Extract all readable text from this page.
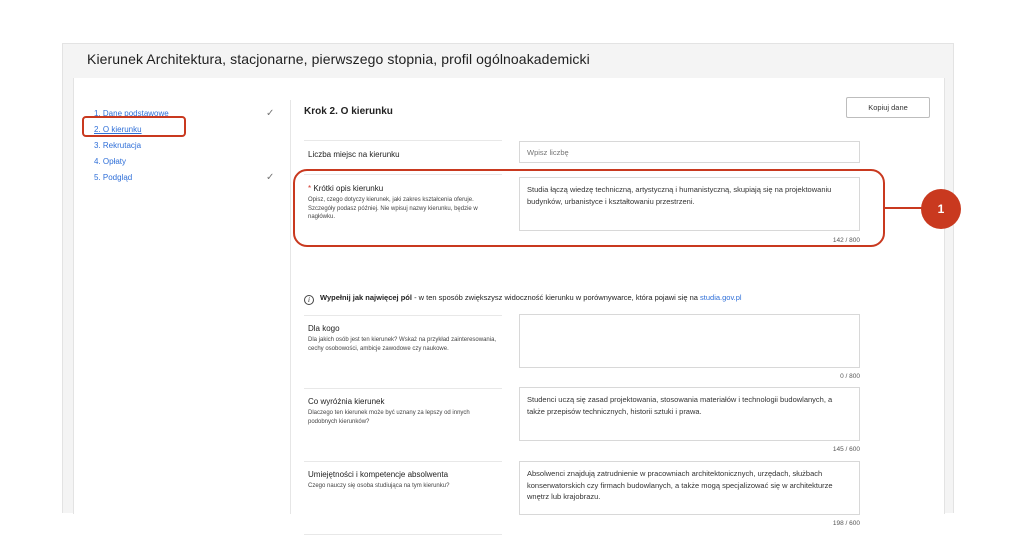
Kierunek Architektura, stacjonarne, pierwszego stopnia, profil ogólnoakademicki
1. Dane podstawowe	✓
2. O kierunku
3. Rekrutacja
4. Opłaty
5. Podgląd	✓
Krok 2. O kierunku	Kopiuj dane
Liczba miejsc na kierunku
Wpisz liczbę
* Krótki opis kierunku
Opisz, czego dotyczy kierunek, jaki zakres kształcenia oferuje. Szczegóły podasz później. Nie wpisuj nazwy kierunku, będzie w nagłówku.
Studia łączą wiedzę techniczną, artystyczną i humanistyczną, skupiają się na projektowaniu budynków, urbanistyce i kształtowaniu przestrzeni.
142 / 800
i Wypełnij jak najwięcej pól - w ten sposób zwiększysz widoczność kierunku w porównywarce, która pojawi się na studia.gov.pl
Dla kogo
Dla jakich osób jest ten kierunek? Wskaż na przykład zainteresowania, cechy osobowości, ambicje zawodowe czy naukowe.
0 / 800
Co wyróżnia kierunek
Dlaczego ten kierunek może być uznany za lepszy od innych podobnych kierunków?
Studenci uczą się zasad projektowania, stosowania materiałów i technologii budowlanych, a także przepisów technicznych, historii sztuki i prawa.
145 / 600
Umiejętności i kompetencje absolwenta
Czego nauczy się osoba studiująca na tym kierunku?
Absolwenci znajdują zatrudnienie w pracowniach architektonicznych, urzędach, służbach konserwatorskich czy firmach budowlanych, a także mogą specjalizować się w architekturze wnętrz lub krajobrazu.
198 / 600
1
